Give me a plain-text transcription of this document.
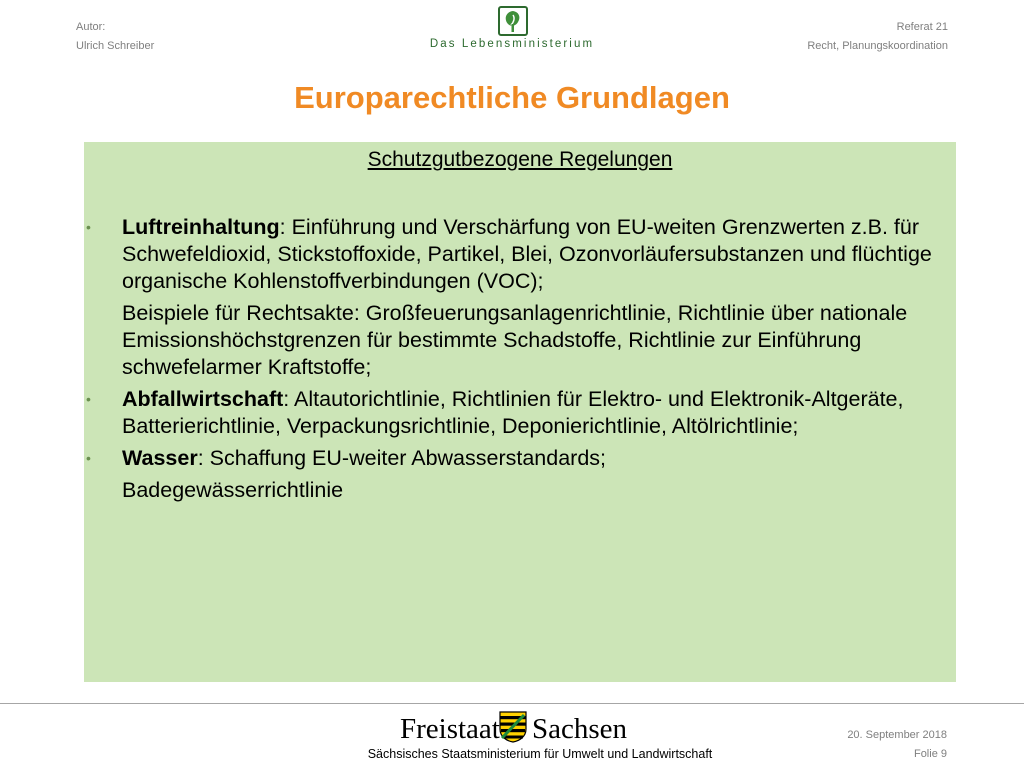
Autor:
Ulrich Schreiber	Das Lebensministerium
Referat 21
Recht, Planungskoordination
Europarechtliche Grundlagen
Schutzgutbezogene Regelungen
• Luftreinhaltung: Einführung und Verschärfung von EU-weiten Grenzwerten z.B. für Schwefeldioxid, Stickstoffoxide, Partikel, Blei, Ozonvorläufersubstanzen und flüchtige organische Kohlenstoffverbindungen (VOC);

Beispiele für Rechtsakte: Großfeuerungsanlagenrichtlinie, Richtlinie über nationale Emissionshöchstgrenzen für bestimmte Schadstoffe, Richtlinie zur Einführung schwefelarmer Kraftstoffe;

• Abfallwirtschaft: Altautorichtlinie, Richtlinien für Elektro- und Elektronik-Altgeräte, Batterierichtlinie, Verpackungsrichtlinie, Deponierichtlinie, Altölrichtlinie;

• Wasser: Schaffung EU-weiter Abwasserstandards;

Badegewässerrichtlinie

Freistaat Sachsen
Sächsisches Staatsministerium für Umwelt und Landwirtschaft
20. September 2018
Folie 9
